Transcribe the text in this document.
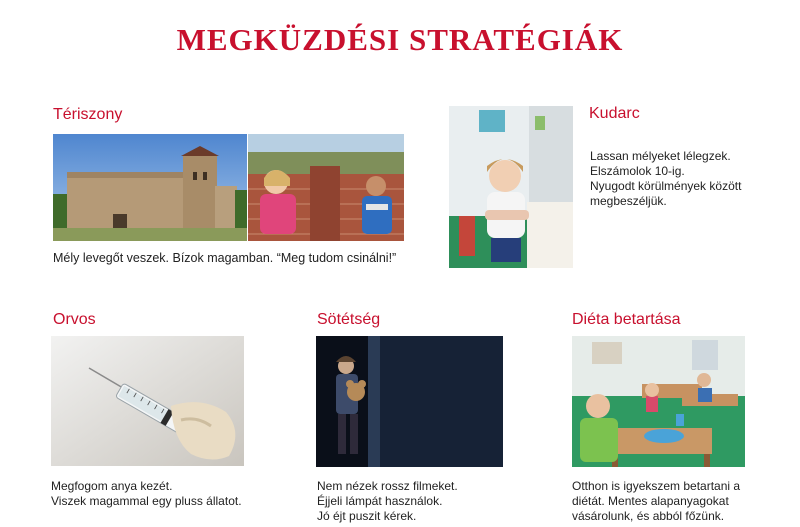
MEGKÜZDÉSI STRATÉGIÁK
Tériszony
Mély levegőt veszek. Bízok magamban. “Meg tudom csinálni!”
Kudarc
Lassan mélyeket lélegzek.
Elszámolok 10-ig.
Nyugodt körülmények között
megbeszéljük.
Orvos
Megfogom anya kezét.
Viszek magammal egy pluss állatot.
Sötétség
Nem nézek rossz filmeket.
Éjjeli lámpát használok.
Jó éjt puszit kérek.
Diéta betartása
Otthon is igyekszem betartani a
diétát. Mentes alapanyagokat
vásárolunk, és abból főzünk.
